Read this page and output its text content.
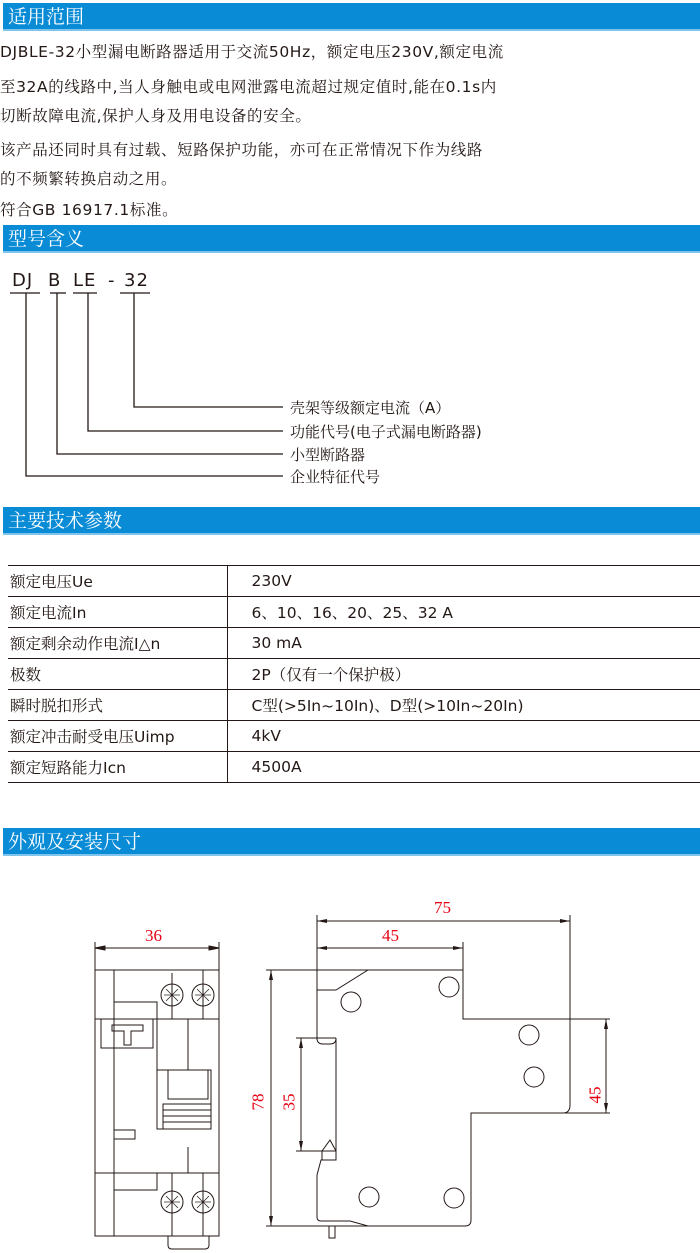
适用范围
DJBLE-32小型漏电断路器适用于交流50Hz，额定电压230V,额定电流
至32A的线路中,当人身触电或电网泄露电流超过规定值时,能在0.1s内
切断故障电流,保护人身及用电设备的安全。
该产品还同时具有过载、短路保护功能，亦可在正常情况下作为线路
的不频繁转换启动之用。
符合GB 16917.1标准。
型号含义
DJ B LE - 32
壳架等级额定电流（A）
功能代号(电子式漏电断路器)
小型断路器
企业特征代号
主要技术参数
额定电压Ue	230V
额定电流In	6、10、16、20、25、32 A
额定剩余动作电流I△n	30 mA
极数	2P（仅有一个保护极）
瞬时脱扣形式	C型(>5In~10In)、D型(>10In~20In)
额定冲击耐受电压Uimp	4kV
额定短路能力Icn	4500A
外观及安装尺寸
36
75
45
78 35	45
